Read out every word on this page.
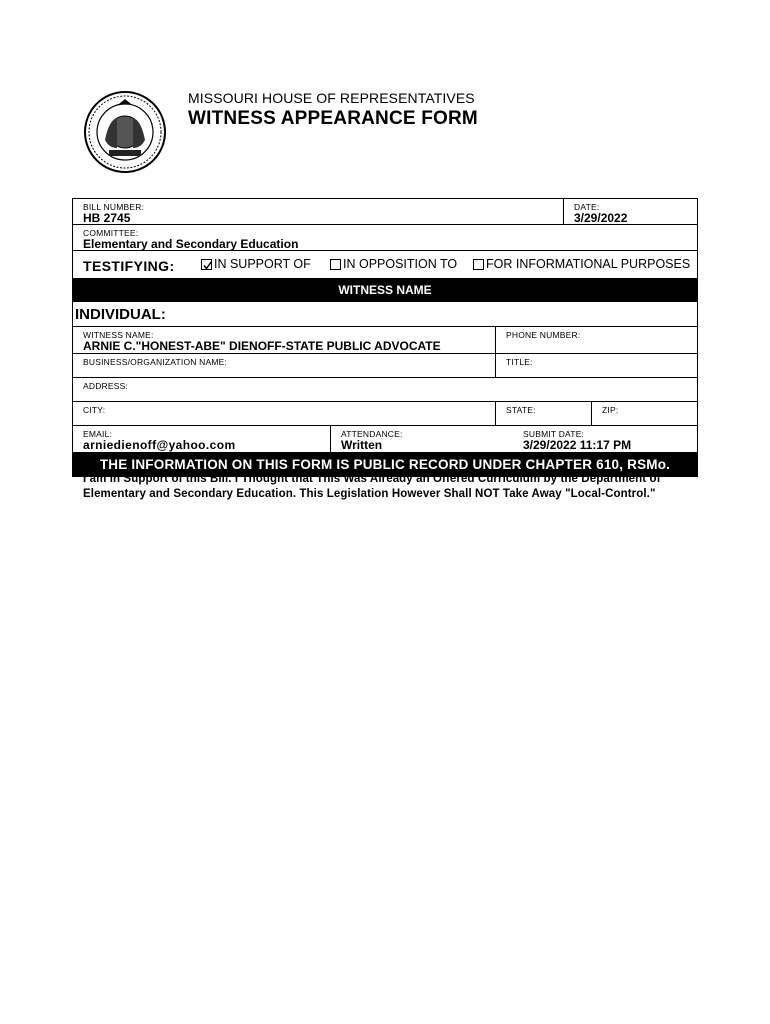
MISSOURI HOUSE OF REPRESENTATIVES
WITNESS APPEARANCE FORM
BILL NUMBER:
HB 2745
DATE:
3/29/2022
COMMITTEE:
Elementary and Secondary Education
TESTIFYING:	IN SUPPORT OF	IN OPPOSITION TO FOR INFORMATIONAL PURPOSES
WITNESS NAME
INDIVIDUAL:
WITNESS NAME:
ARNIE C."HONEST-ABE" DIENOFF-STATE PUBLIC ADVOCATE
PHONE NUMBER:
BUSINESS/ORGANIZATION NAME:	TITLE:
ADDRESS:
CITY:	STATE:	ZIP:
EMAIL:
arniedienoff@yahoo.com
ATTENDANCE:
Written
SUBMIT DATE:
3/29/2022 11:17 PM
THE INFORMATION ON THIS FORM IS PUBLIC RECORD UNDER CHAPTER 610, RSMo.
I am in Support of this Bill. I Thought that This Was Already an Offered Curriculum by the Department of Elementary and Secondary Education. This Legislation However Shall NOT Take Away "Local-Control."
